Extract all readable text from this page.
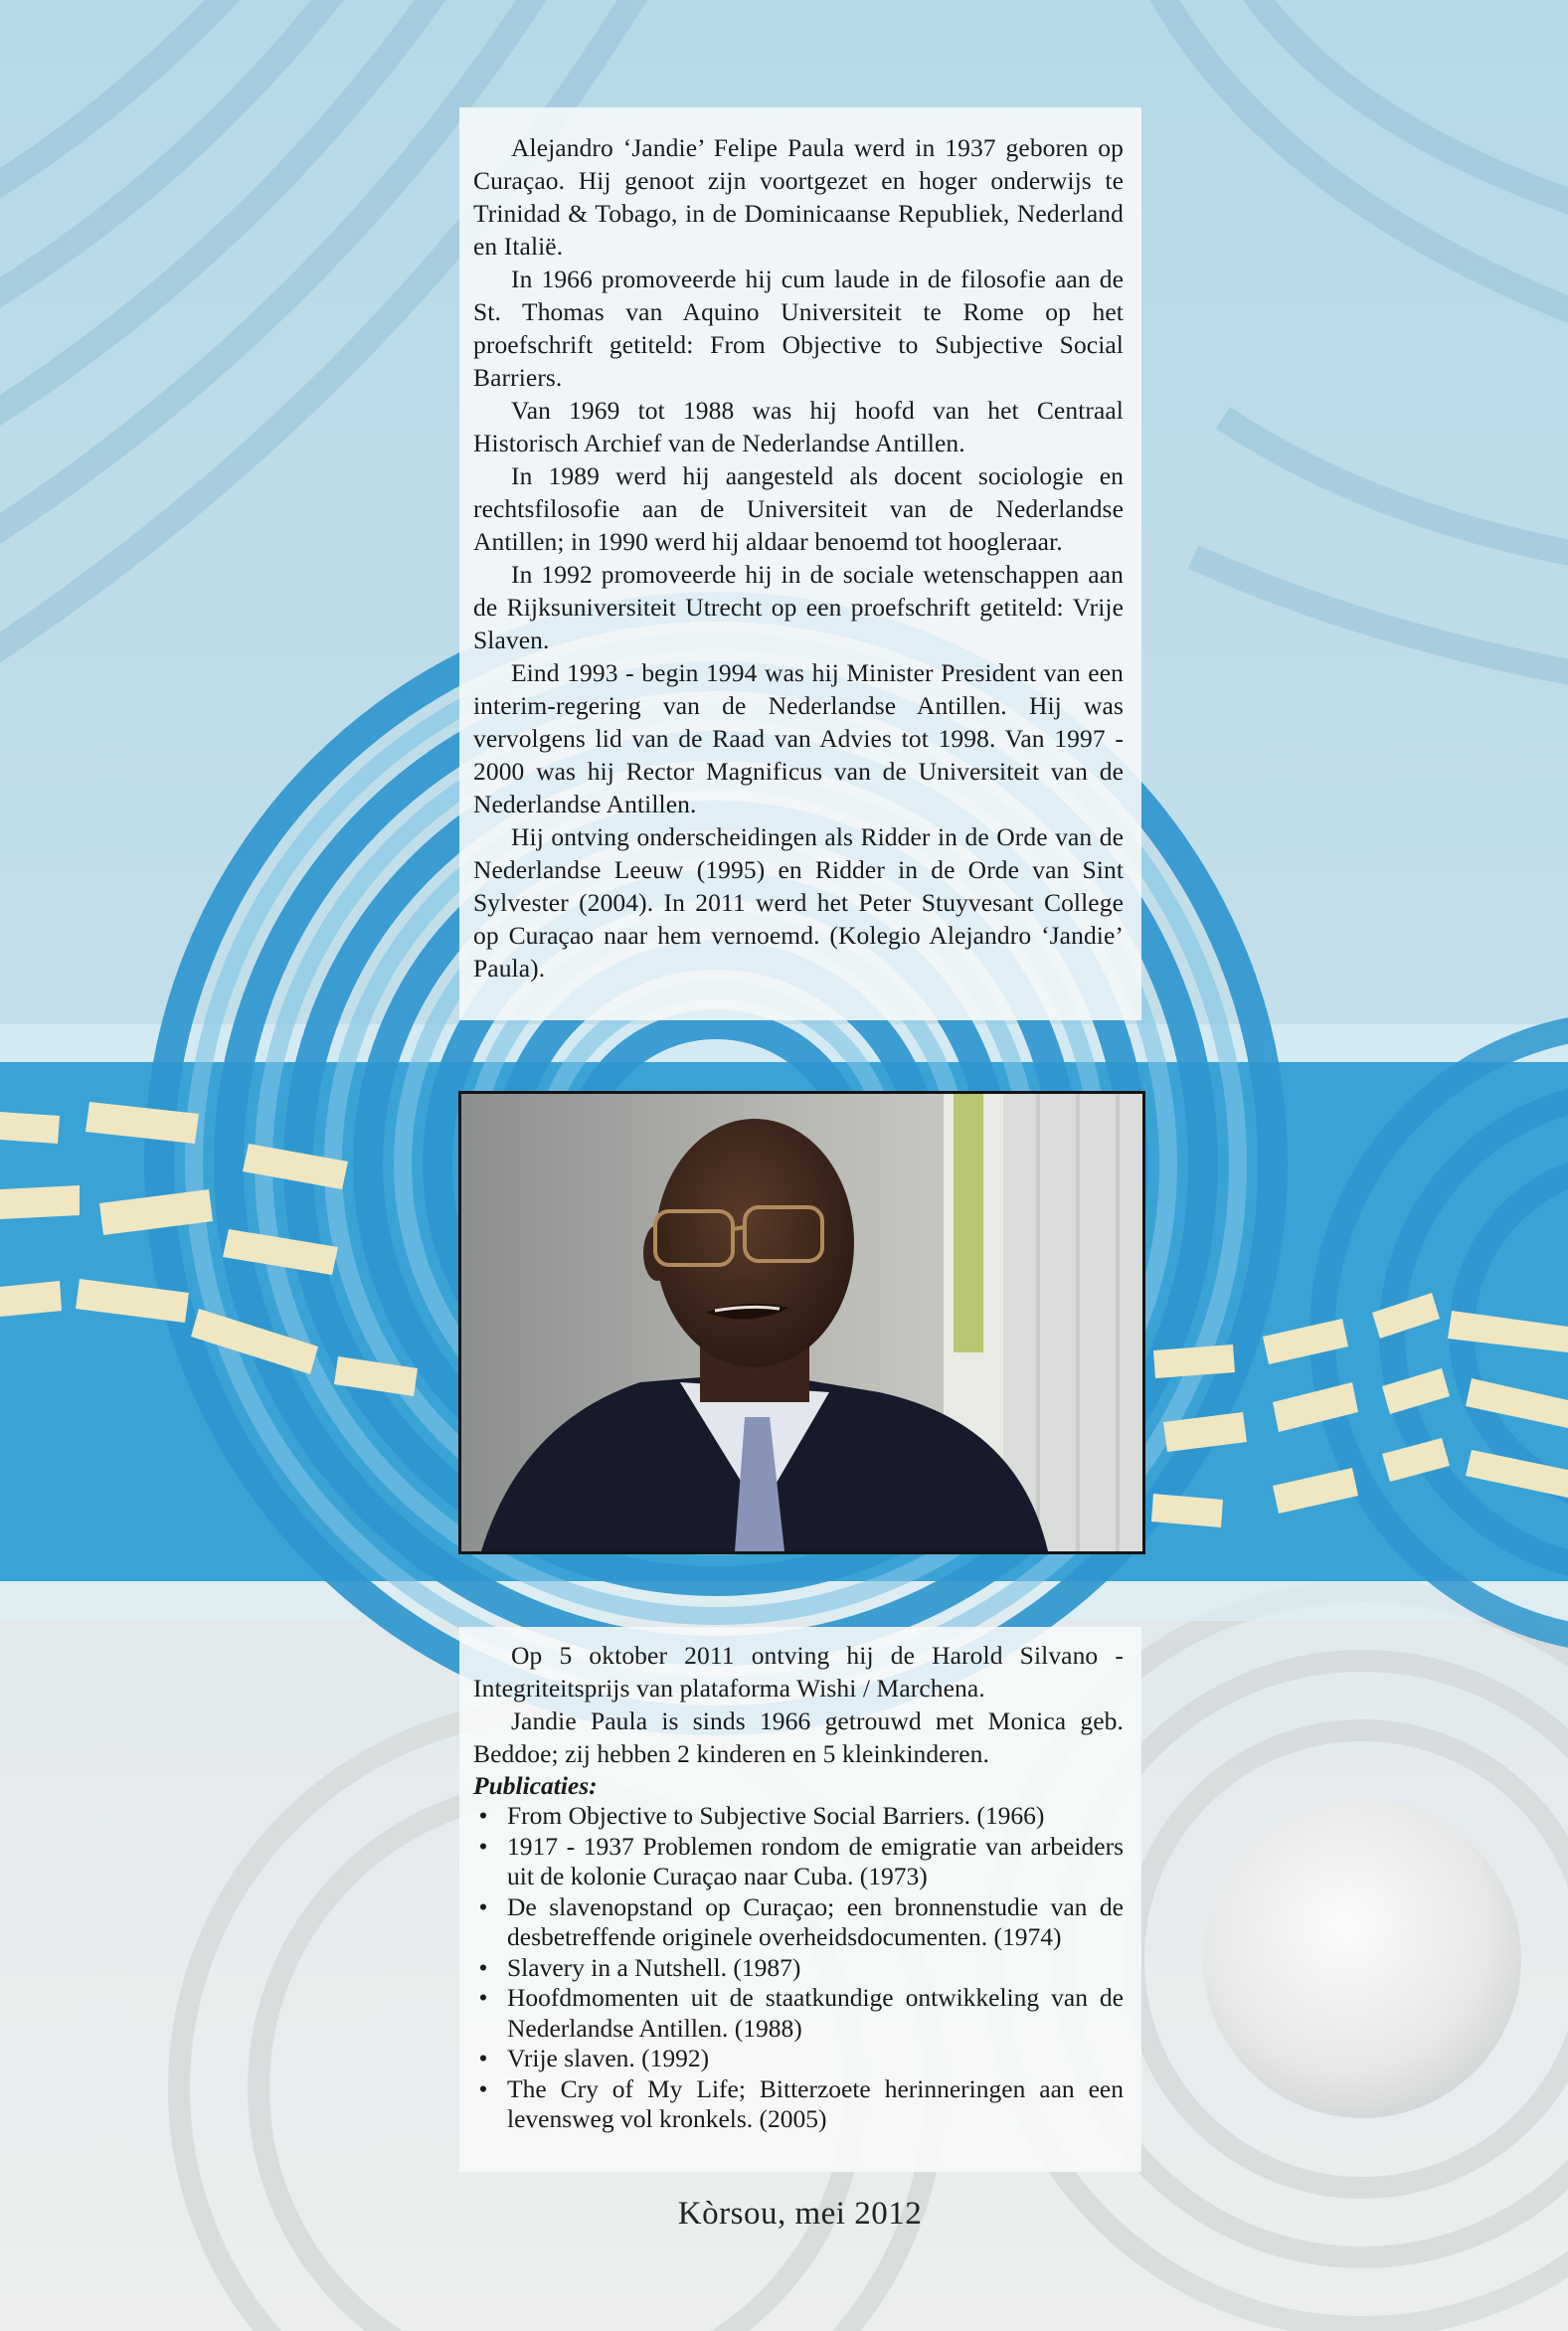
Alejandro ‘Jandie’ Felipe Paula werd in 1937 geboren op Curaçao. Hij genoot zijn voortgezet en hoger onderwijs te Trinidad & Tobago, in de Dominicaanse Republiek, Nederland en Italië.

In 1966 promoveerde hij cum laude in de filosofie aan de St. Thomas van Aquino Universiteit te Rome op het proefschrift getiteld: From Objective to Subjective Social Barriers.

Van 1969 tot 1988 was hij hoofd van het Centraal Historisch Archief van de Nederlandse Antillen.

In 1989 werd hij aangesteld als docent sociologie en rechtsfilosofie aan de Universiteit van de Nederlandse Antillen; in 1990 werd hij aldaar benoemd tot hoogleraar.

In 1992 promoveerde hij in de sociale wetenschappen aan de Rijksuniversiteit Utrecht op een proefschrift getiteld: Vrije Slaven.

Eind 1993 - begin 1994 was hij Minister President van een interim-regering van de Nederlandse Antillen. Hij was vervolgens lid van de Raad van Advies tot 1998. Van 1997 - 2000 was hij Rector Magnificus van de Universiteit van de Nederlandse Antillen.

Hij ontving onderscheidingen als Ridder in de Orde van de Nederlandse Leeuw (1995) en Ridder in de Orde van Sint Sylvester (2004). In 2011 werd het Peter Stuyvesant College op Curaçao naar hem vernoemd. (Kolegio Alejandro ‘Jandie’ Paula).

Op 5 oktober 2011 ontving hij de Harold Silvano - Integriteitsprijs van plataforma Wishi / Marchena.

Jandie Paula is sinds 1966 getrouwd met Monica geb. Beddoe; zij hebben 2 kinderen en 5 kleinkinderen.

Publicaties:

• From Objective to Subjective Social Barriers. (1966)
• 1917 - 1937 Problemen rondom de emigratie van arbeiders uit de kolonie Curaçao naar Cuba. (1973)
• De slavenopstand op Curaçao; een bronnenstudie van de desbetreffende originele overheidsdocumenten. (1974)
• Slavery in a Nutshell. (1987)
• Hoofdmomenten uit de staatkundige ontwikkeling van de Nederlandse Antillen. (1988)
• Vrije slaven. (1992)
• The Cry of My Life; Bitterzoete herinneringen aan een levensweg vol kronkels. (2005)
Kòrsou, mei 2012
